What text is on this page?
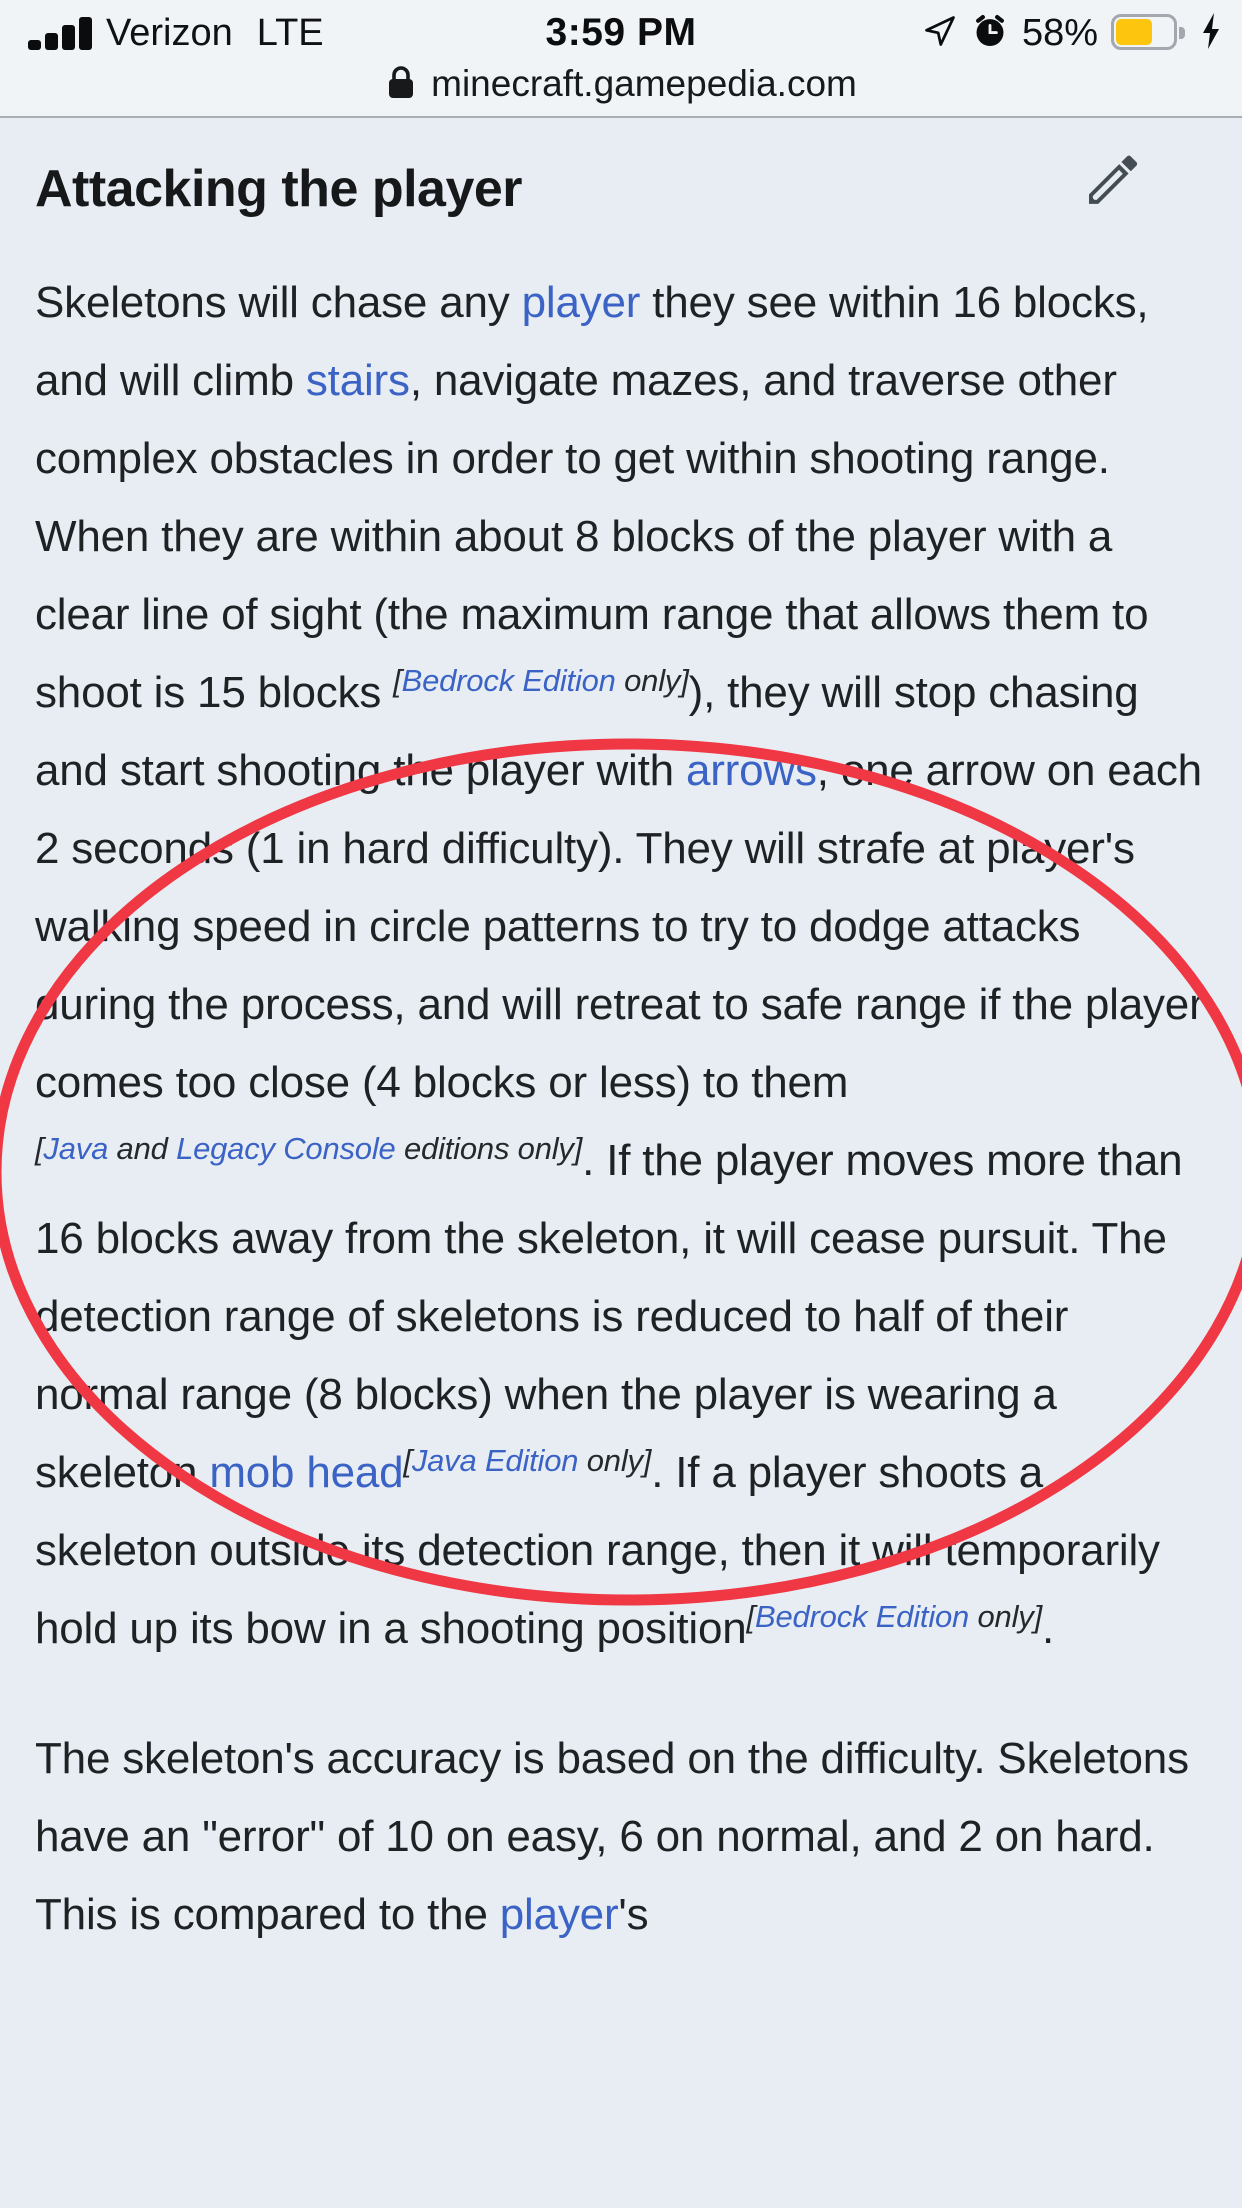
Verizon LTE	3:59 PM	58%
minecraft.gamepedia.com
Attacking the player

Skeletons will chase any player they see within 16 blocks, and will climb stairs, navigate mazes, and traverse other complex obstacles in order to get within shooting range. When they are within about 8 blocks of the player with a clear line of sight (the maximum range that allows them to shoot is 15 blocks [Bedrock Edition only]), they will stop chasing and start shooting the player with arrows, one arrow on each 2 seconds (1 in hard difficulty). They will strafe at player's walking speed in circle patterns to try to dodge attacks during the process, and will retreat to safe range if the player comes too close (4 blocks or less) to them [Java and Legacy Console editions only]. If the player moves more than 16 blocks away from the skeleton, it will cease pursuit. The detection range of skeletons is reduced to half of their normal range (8 blocks) when the player is wearing a skeleton mob head[Java Edition only]. If a player shoots a skeleton outside its detection range, then it will temporarily hold up its bow in a shooting position[Bedrock Edition only].

The skeleton's accuracy is based on the difficulty. Skeletons have an "error" of 10 on easy, 6 on normal, and 2 on hard. This is compared to the player's
